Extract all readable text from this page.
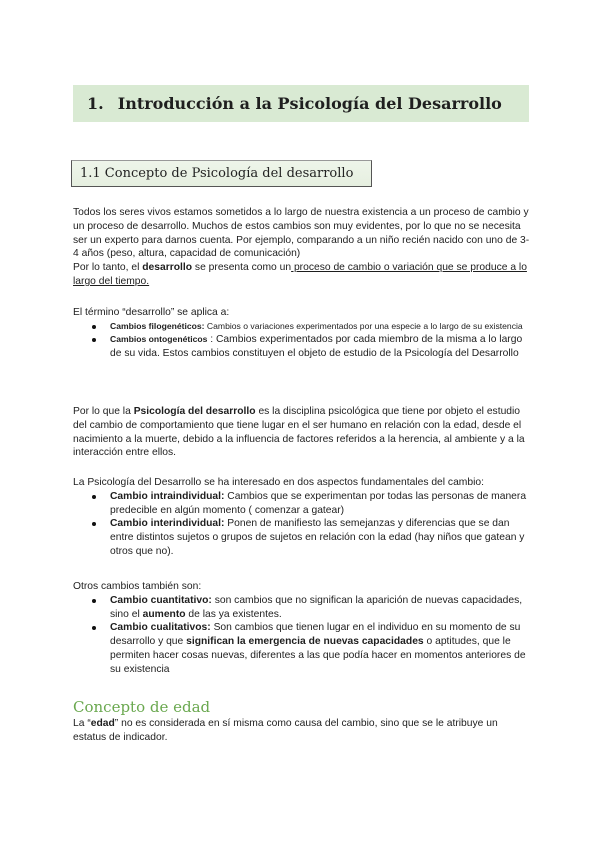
1. Introducción a la Psicología del Desarrollo
1.1 Concepto de Psicología del desarrollo

Todos los seres vivos estamos sometidos a lo largo de nuestra existencia a un proceso de cambio y un proceso de desarrollo. Muchos de estos cambios son muy evidentes, por lo que no se necesita ser un experto para darnos cuenta. Por ejemplo, comparando a un niño recién nacido con uno de 3-4 años (peso, altura, capacidad de comunicación)

Por lo tanto, el desarrollo se presenta como un proceso de cambio o variación que se produce a lo largo del tiempo.

El término “desarrollo” se aplica a:

Cambios filogenéticos: Cambios o variaciones experimentados por una especie a lo largo de su existencia
Cambios ontogenéticos : Cambios experimentados por cada miembro de la misma a lo largo de su vida. Estos cambios constituyen el objeto de estudio de la Psicología del Desarrollo

Por lo que la Psicología del desarrollo es la disciplina psicológica que tiene por objeto el estudio del cambio de comportamiento que tiene lugar en el ser humano en relación con la edad, desde el nacimiento a la muerte, debido a la influencia de factores referidos a la herencia, al ambiente y a la interacción entre ellos.

La Psicología del Desarrollo se ha interesado en dos aspectos fundamentales del cambio:

Cambio intraindividual: Cambios que se experimentan por todas las personas de manera predecible en algún momento ( comenzar a gatear)
Cambio interindividual: Ponen de manifiesto las semejanzas y diferencias que se dan entre distintos sujetos o grupos de sujetos en relación con la edad (hay niños que gatean y otros que no).

Otros cambios también son:

Cambio cuantitativo: son cambios que no significan la aparición de nuevas capacidades, sino el aumento de las ya existentes.
Cambio cualitativos: Son cambios que tienen lugar en el individuo en su momento de su desarrollo y que significan la emergencia de nuevas capacidades o aptitudes, que le permiten hacer cosas nuevas, diferentes a las que podía hacer en momentos anteriores de su existencia
Concepto de edad

La “edad” no es considerada en sí misma como causa del cambio, sino que se le atribuye un estatus de indicador.
